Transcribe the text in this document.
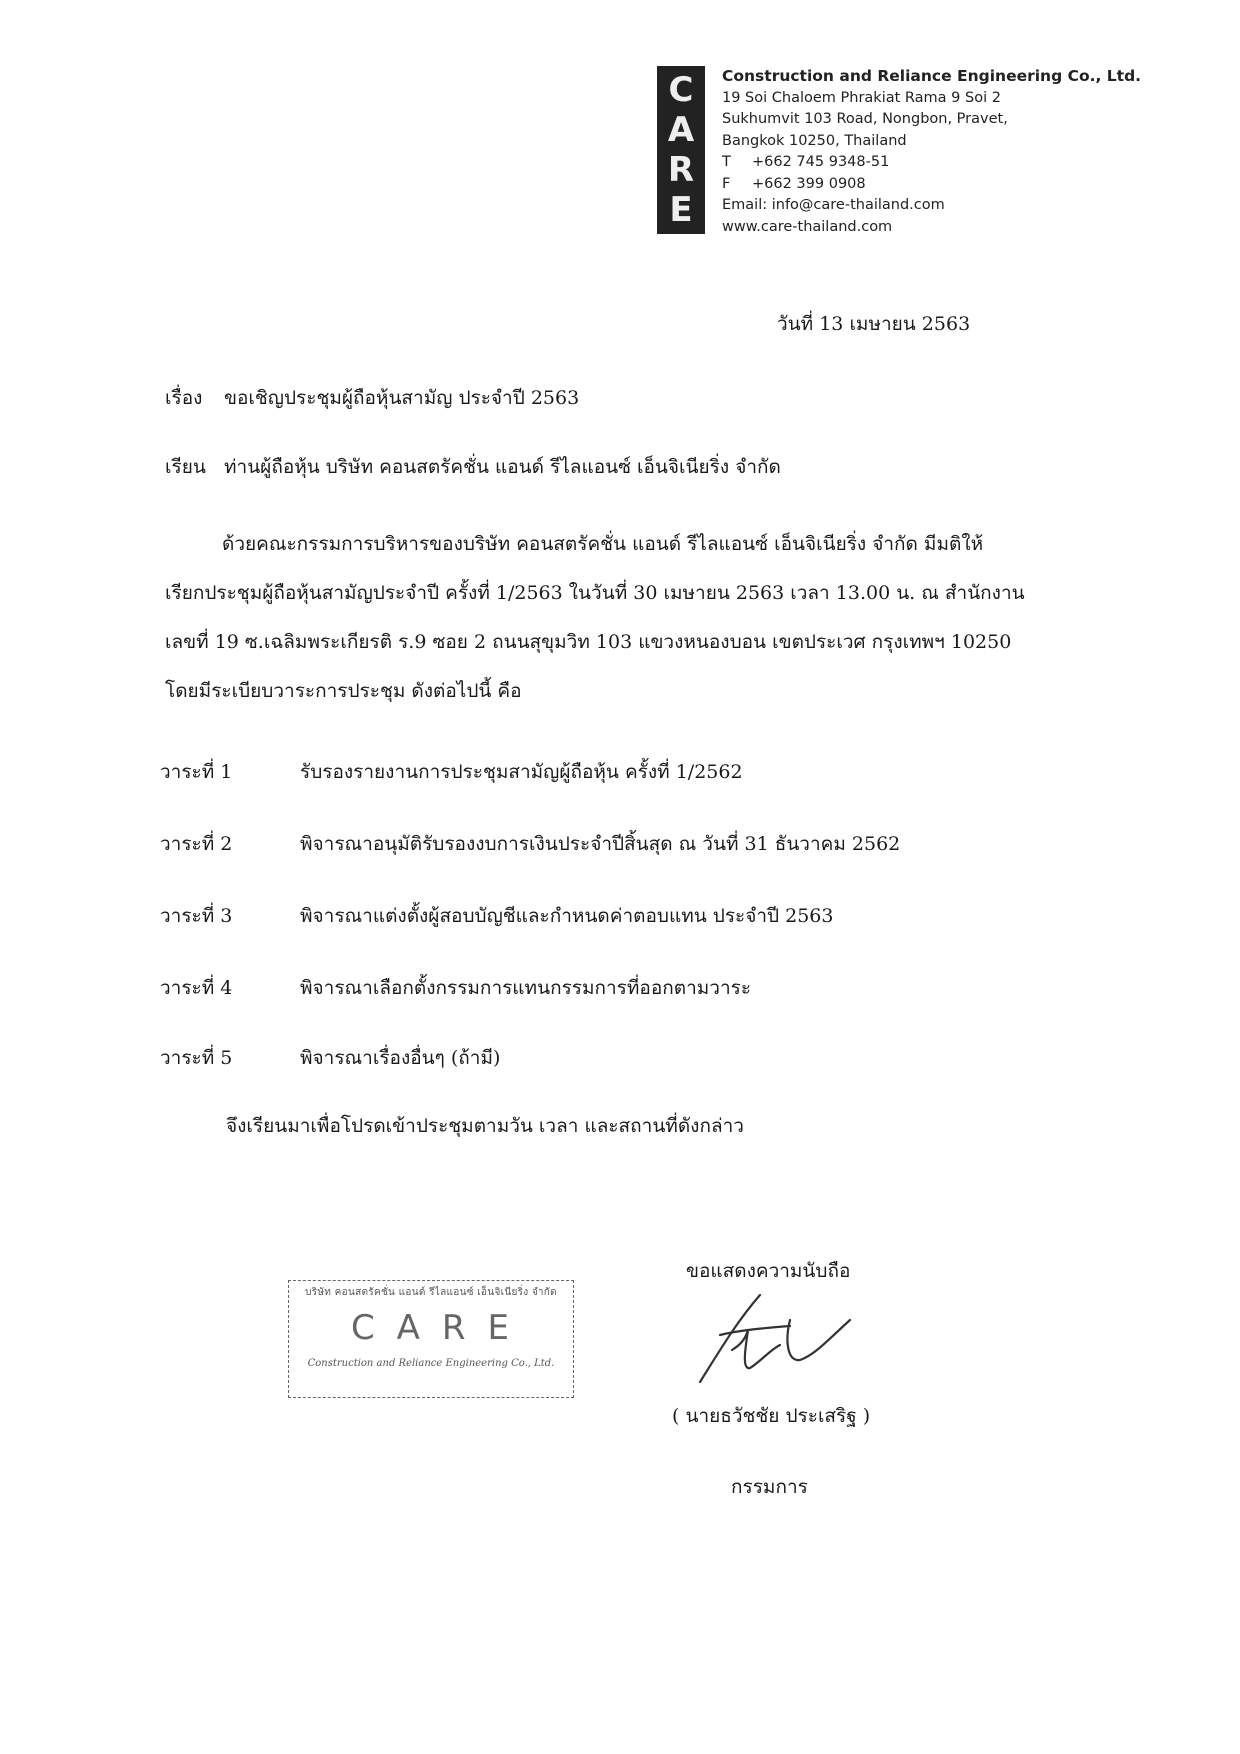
C
A
R
E
Construction and Reliance Engineering Co., Ltd.
19 Soi Chaloem Phrakiat Rama 9 Soi 2
Sukhumvit 103 Road, Nongbon, Pravet,
Bangkok 10250, Thailand
T	+662 745 9348-51
F	+662 399 0908
Email: info@care-thailand.com
www.care-thailand.com
วันที่ 13 เมษายน 2563
เรื่อง ขอเชิญประชุมผู้ถือหุ้นสามัญ ประจำปี 2563
เรียน ท่านผู้ถือหุ้น บริษัท คอนสตรัคชั่น แอนด์ รีไลแอนซ์ เอ็นจิเนียริ่ง จำกัด
ด้วยคณะกรรมการบริหารของบริษัท คอนสตรัคชั่น แอนด์ รีไลแอนซ์ เอ็นจิเนียริ่ง จำกัด มีมติให้
เรียกประชุมผู้ถือหุ้นสามัญประจำปี ครั้งที่ 1/2563 ในวันที่ 30 เมษายน 2563 เวลา 13.00 น. ณ สำนักงาน
เลขที่ 19 ซ.เฉลิมพระเกียรติ ร.9 ซอย 2 ถนนสุขุมวิท 103 แขวงหนองบอน เขตประเวศ กรุงเทพฯ 10250
โดยมีระเบียบวาระการประชุม ดังต่อไปนี้ คือ
วาระที่ 1	รับรองรายงานการประชุมสามัญผู้ถือหุ้น ครั้งที่ 1/2562
วาระที่ 2	พิจารณาอนุมัติรับรองงบการเงินประจำปีสิ้นสุด ณ วันที่ 31 ธันวาคม 2562
วาระที่ 3	พิจารณาแต่งตั้งผู้สอบบัญชีและกำหนดค่าตอบแทน ประจำปี 2563
วาระที่ 4	พิจารณาเลือกตั้งกรรมการแทนกรรมการที่ออกตามวาระ
วาระที่ 5	พิจารณาเรื่องอื่นๆ (ถ้ามี)
จึงเรียนมาเพื่อโปรดเข้าประชุมตามวัน เวลา และสถานที่ดังกล่าว
บริษัท คอนสตรัคชั่น แอนด์ รีไลแอนซ์ เอ็นจิเนียริ่ง จำกัด
CARE
Construction and Reliance Engineering Co., Ltd.
ขอแสดงความนับถือ
( นายธวัชชัย ประเสริฐ )
กรรมการ
